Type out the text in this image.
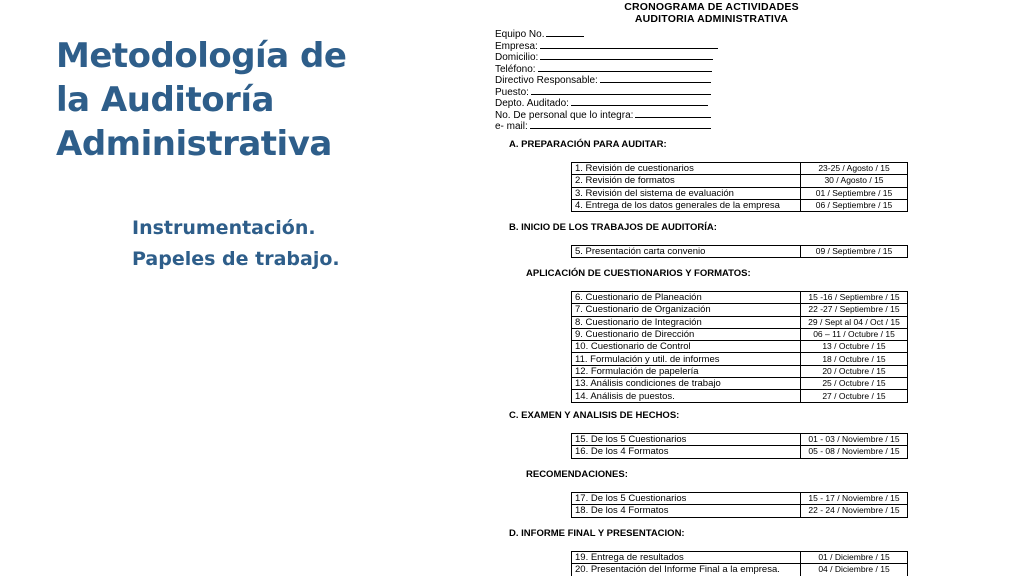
Metodología de
la Auditoría
Administrativa
Instrumentación.
Papeles de trabajo.
CRONOGRAMA DE ACTIVIDADES
AUDITORIA ADMINISTRATIVA
Equipo No.
Empresa:
Domicilio:
Teléfono:
Directivo Responsable:
Puesto:
Depto. Auditado:
No. De personal que lo integra:
e- mail:
A. PREPARACIÓN PARA AUDITAR:
1. Revisión de cuestionarios	23-25 / Agosto / 15
2. Revisión de formatos	30 / Agosto / 15
3. Revisión del sistema de evaluación	01 / Septiembre / 15
4. Entrega de los datos generales de la empresa	06 / Septiembre / 15
B. INICIO DE LOS TRABAJOS DE AUDITORÍA:
5. Presentación carta convenio	09 / Septiembre / 15
APLICACIÓN DE CUESTIONARIOS Y FORMATOS:
6. Cuestionario de Planeación	15 -16 / Septiembre / 15
7. Cuestionario de Organización	22 -27 / Septiembre / 15
8. Cuestionario de Integración	29 / Sept al 04 / Oct / 15
9. Cuestionario de Dirección	06 – 11 / Octubre / 15
10. Cuestionario de Control	13 / Octubre / 15
11. Formulación y util. de informes	18 / Octubre / 15
12. Formulación de papelería	20 / Octubre / 15
13. Análisis condiciones de trabajo	25 / Octubre / 15
14. Análisis de puestos.	27 / Octubre / 15
C. EXAMEN Y ANALISIS DE HECHOS:
15. De los 5 Cuestionarios	01 - 03 / Noviembre / 15
16. De los 4 Formatos	05 - 08 / Noviembre / 15
RECOMENDACIONES:
17. De los 5 Cuestionarios	15 - 17 / Noviembre / 15
18. De los 4 Formatos	22 - 24 / Noviembre / 15
D. INFORME FINAL Y PRESENTACION:
19. Entrega de resultados	01 / Diciembre / 15
20. Presentación del Informe Final a la empresa.	04 / Diciembre / 15
